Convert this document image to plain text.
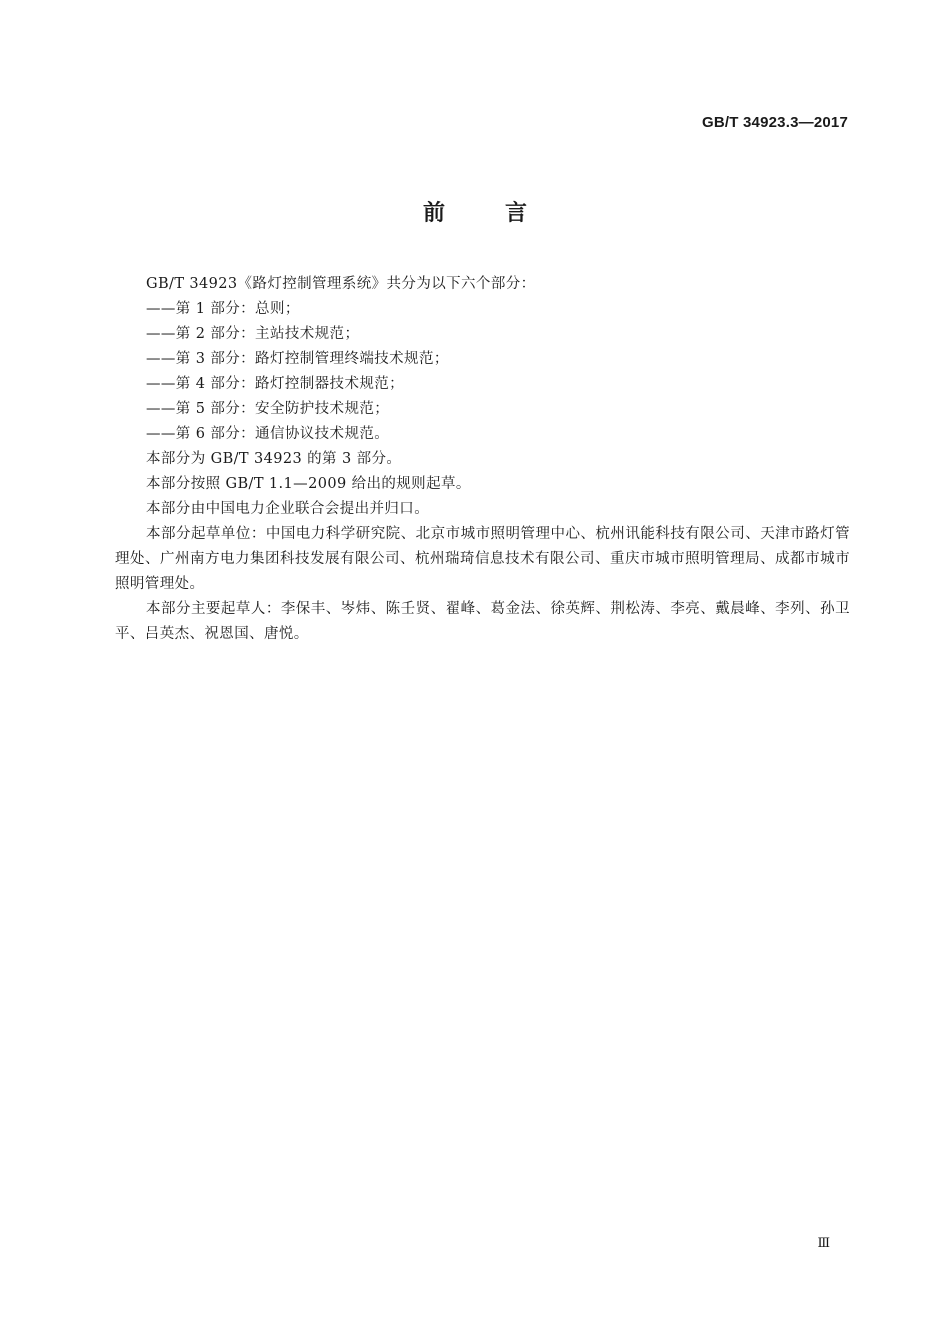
GB/T 34923.3—2017
前言

GB/T 34923《路灯控制管理系统》共分为以下六个部分：

——第 1 部分：总则；

——第 2 部分：主站技术规范；

——第 3 部分：路灯控制管理终端技术规范；

——第 4 部分：路灯控制器技术规范；

——第 5 部分：安全防护技术规范；

——第 6 部分：通信协议技术规范。

本部分为 GB/T 34923 的第 3 部分。

本部分按照 GB/T 1.1—2009 给出的规则起草。

本部分由中国电力企业联合会提出并归口。

本部分起草单位：中国电力科学研究院、北京市城市照明管理中心、杭州讯能科技有限公司、天津市路灯管理处、广州南方电力集团科技发展有限公司、杭州瑞琦信息技术有限公司、重庆市城市照明管理局、成都市城市照明管理处。

本部分主要起草人：李保丰、岑炜、陈壬贤、翟峰、葛金法、徐英辉、荆松涛、李亮、戴晨峰、李列、孙卫平、吕英杰、祝恩国、唐悦。

Ⅲ
